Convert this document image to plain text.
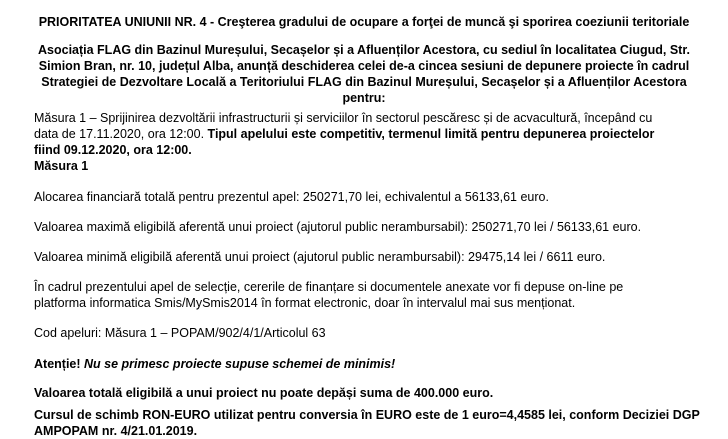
PRIORITATEA UNIUNII NR. 4 - Creşterea gradului de ocupare a forţei de muncă şi sporirea coeziunii teritoriale
Asociația FLAG din Bazinul Mureșului, Secașelor și a Afluenților Acestora, cu sediul în localitatea Ciugud, Str. Simion Bran, nr. 10, județul Alba, anunță deschiderea celei de-a cincea sesiuni de depunere proiecte în cadrul Strategiei de Dezvoltare Locală a Teritoriului FLAG din Bazinul Mureșului, Secașelor și a Afluenților Acestora pentru:
Măsura 1 – Sprijinirea dezvoltării infrastructurii și serviciilor în sectorul pescăresc și de acvacultură, începând cu
data de 17.11.2020, ora 12:00. Tipul apelului este competitiv, termenul limită pentru depunerea proiectelor
fiind 09.12.2020, ora 12:00.
Măsura 1
Alocarea financiară totală pentru prezentul apel: 250271,70 lei, echivalentul a 56133,61 euro.
Valoarea maximă eligibilă aferentă unui proiect (ajutorul public nerambursabil): 250271,70 lei / 56133,61 euro.
Valoarea minimă eligibilă aferentă unui proiect (ajutorul public nerambursabil): 29475,14 lei / 6611 euro.
În cadrul prezentului apel de selecție, cererile de finanțare si documentele anexate vor fi depuse on-line pe
platforma informatica Smis/MySmis2014 în format electronic, doar în intervalul mai sus menționat.
Cod apeluri: Măsura 1 – POPAM/902/4/1/Articolul 63
Atenție! Nu se primesc proiecte supuse schemei de minimis!
Valoarea totală eligibilă a unui proiect nu poate depăși suma de 400.000 euro.
Cursul de schimb RON-EURO utilizat pentru conversia în EURO este de 1 euro=4,4585 lei, conform Deciziei DGP
AMPOPAM nr. 4/21.01.2019.
